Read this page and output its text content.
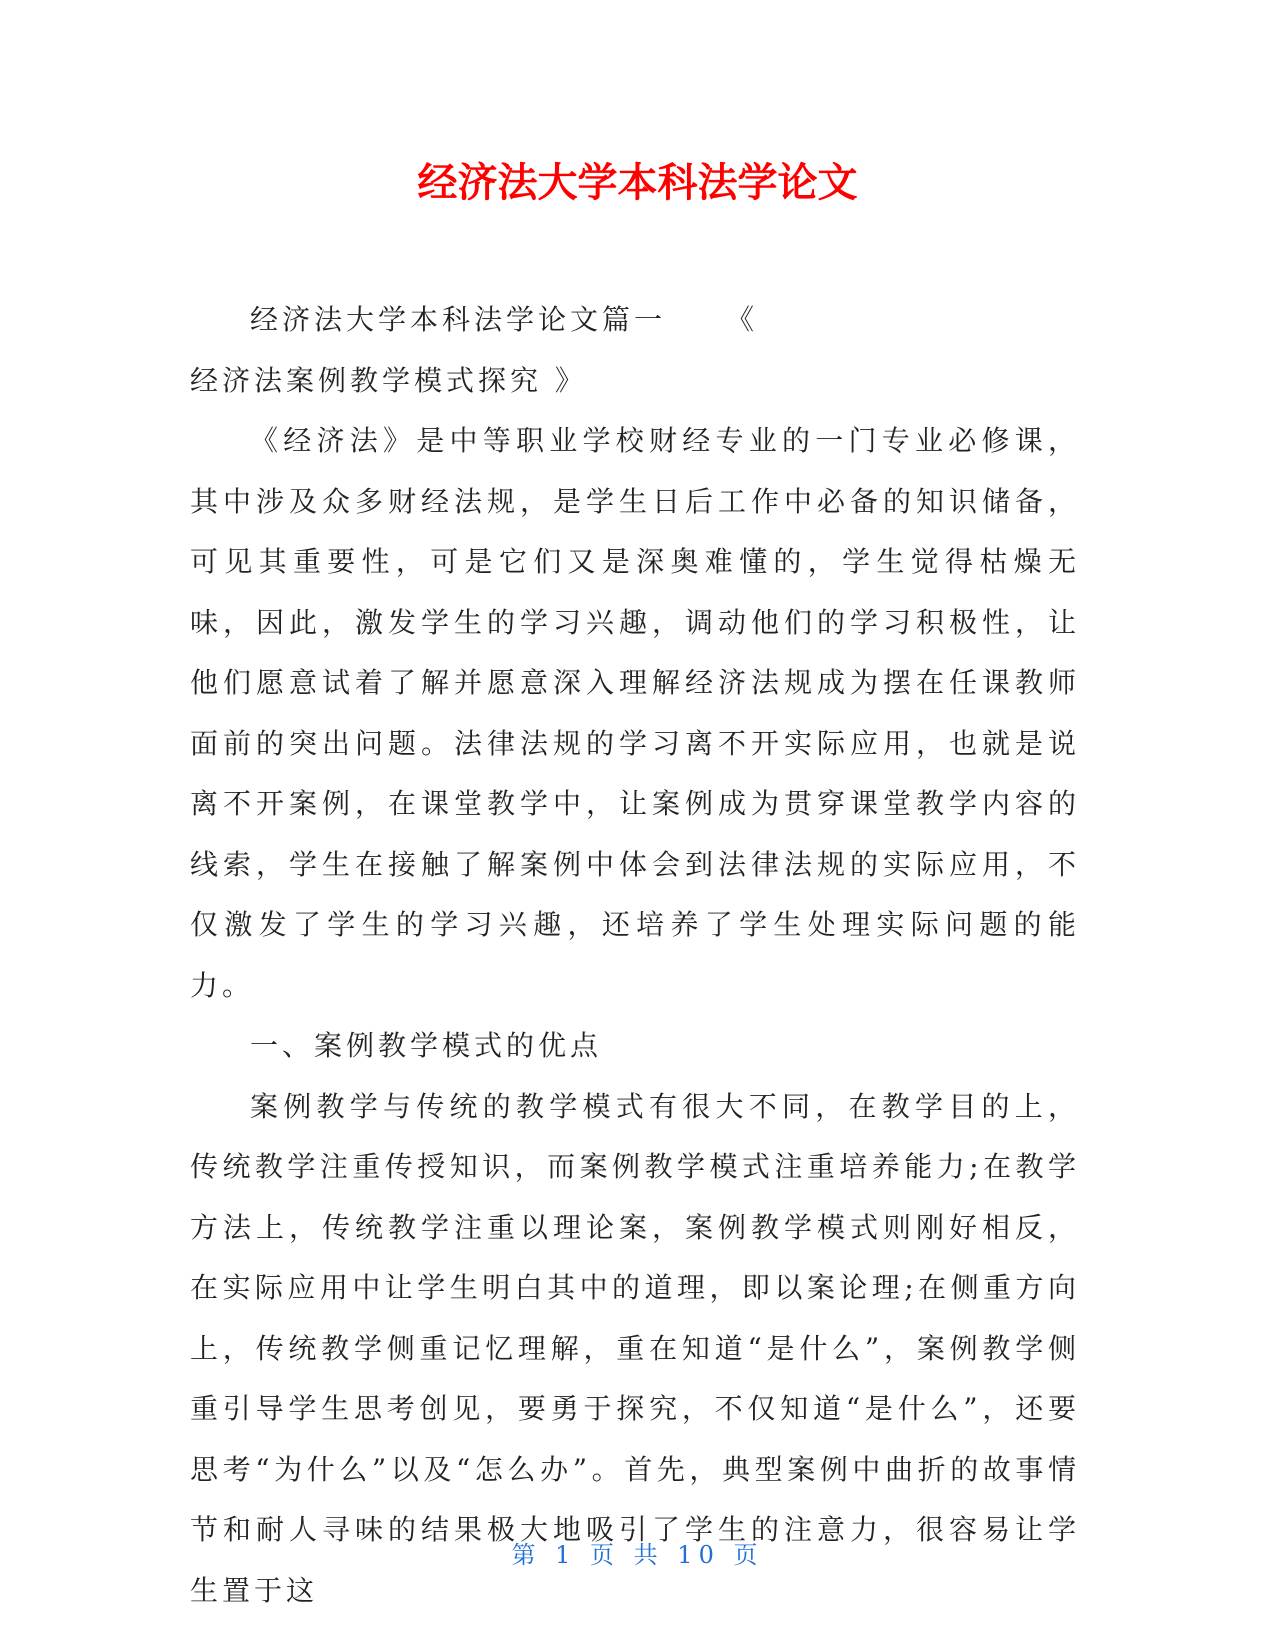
经济法大学本科法学论文

经济法大学本科法学论文篇一 《
经济法案例教学模式探究 》

《经济法》是中等职业学校财经专业的一门专业必修课，其中涉及众多财经法规，是学生日后工作中必备的知识储备，可见其重要性，可是它们又是深奥难懂的，学生觉得枯燥无味，因此，激发学生的学习兴趣，调动他们的学习积极性，让他们愿意试着了解并愿意深入理解经济法规成为摆在任课教师面前的突出问题。法律法规的学习离不开实际应用，也就是说离不开案例，在课堂教学中，让案例成为贯穿课堂教学内容的线索，学生在接触了解案例中体会到法律法规的实际应用，不仅激发了学生的学习兴趣，还培养了学生处理实际问题的能力。

一、案例教学模式的优点

案例教学与传统的教学模式有很大不同，在教学目的上，传统教学注重传授知识，而案例教学模式注重培养能力;在教学方法上，传统教学注重以理论案，案例教学模式则刚好相反，在实际应用中让学生明白其中的道理，即以案论理;在侧重方向上，传统教学侧重记忆理解，重在知道“是什么”，案例教学侧重引导学生思考创见，要勇于探究，不仅知道“是什么”，还要思考“为什么”以及“怎么办”。首先，典型案例中曲折的故事情节和耐人寻味的结果极大地吸引了学生的注意力，很容易让学生置于这

第 1 页 共 10 页
